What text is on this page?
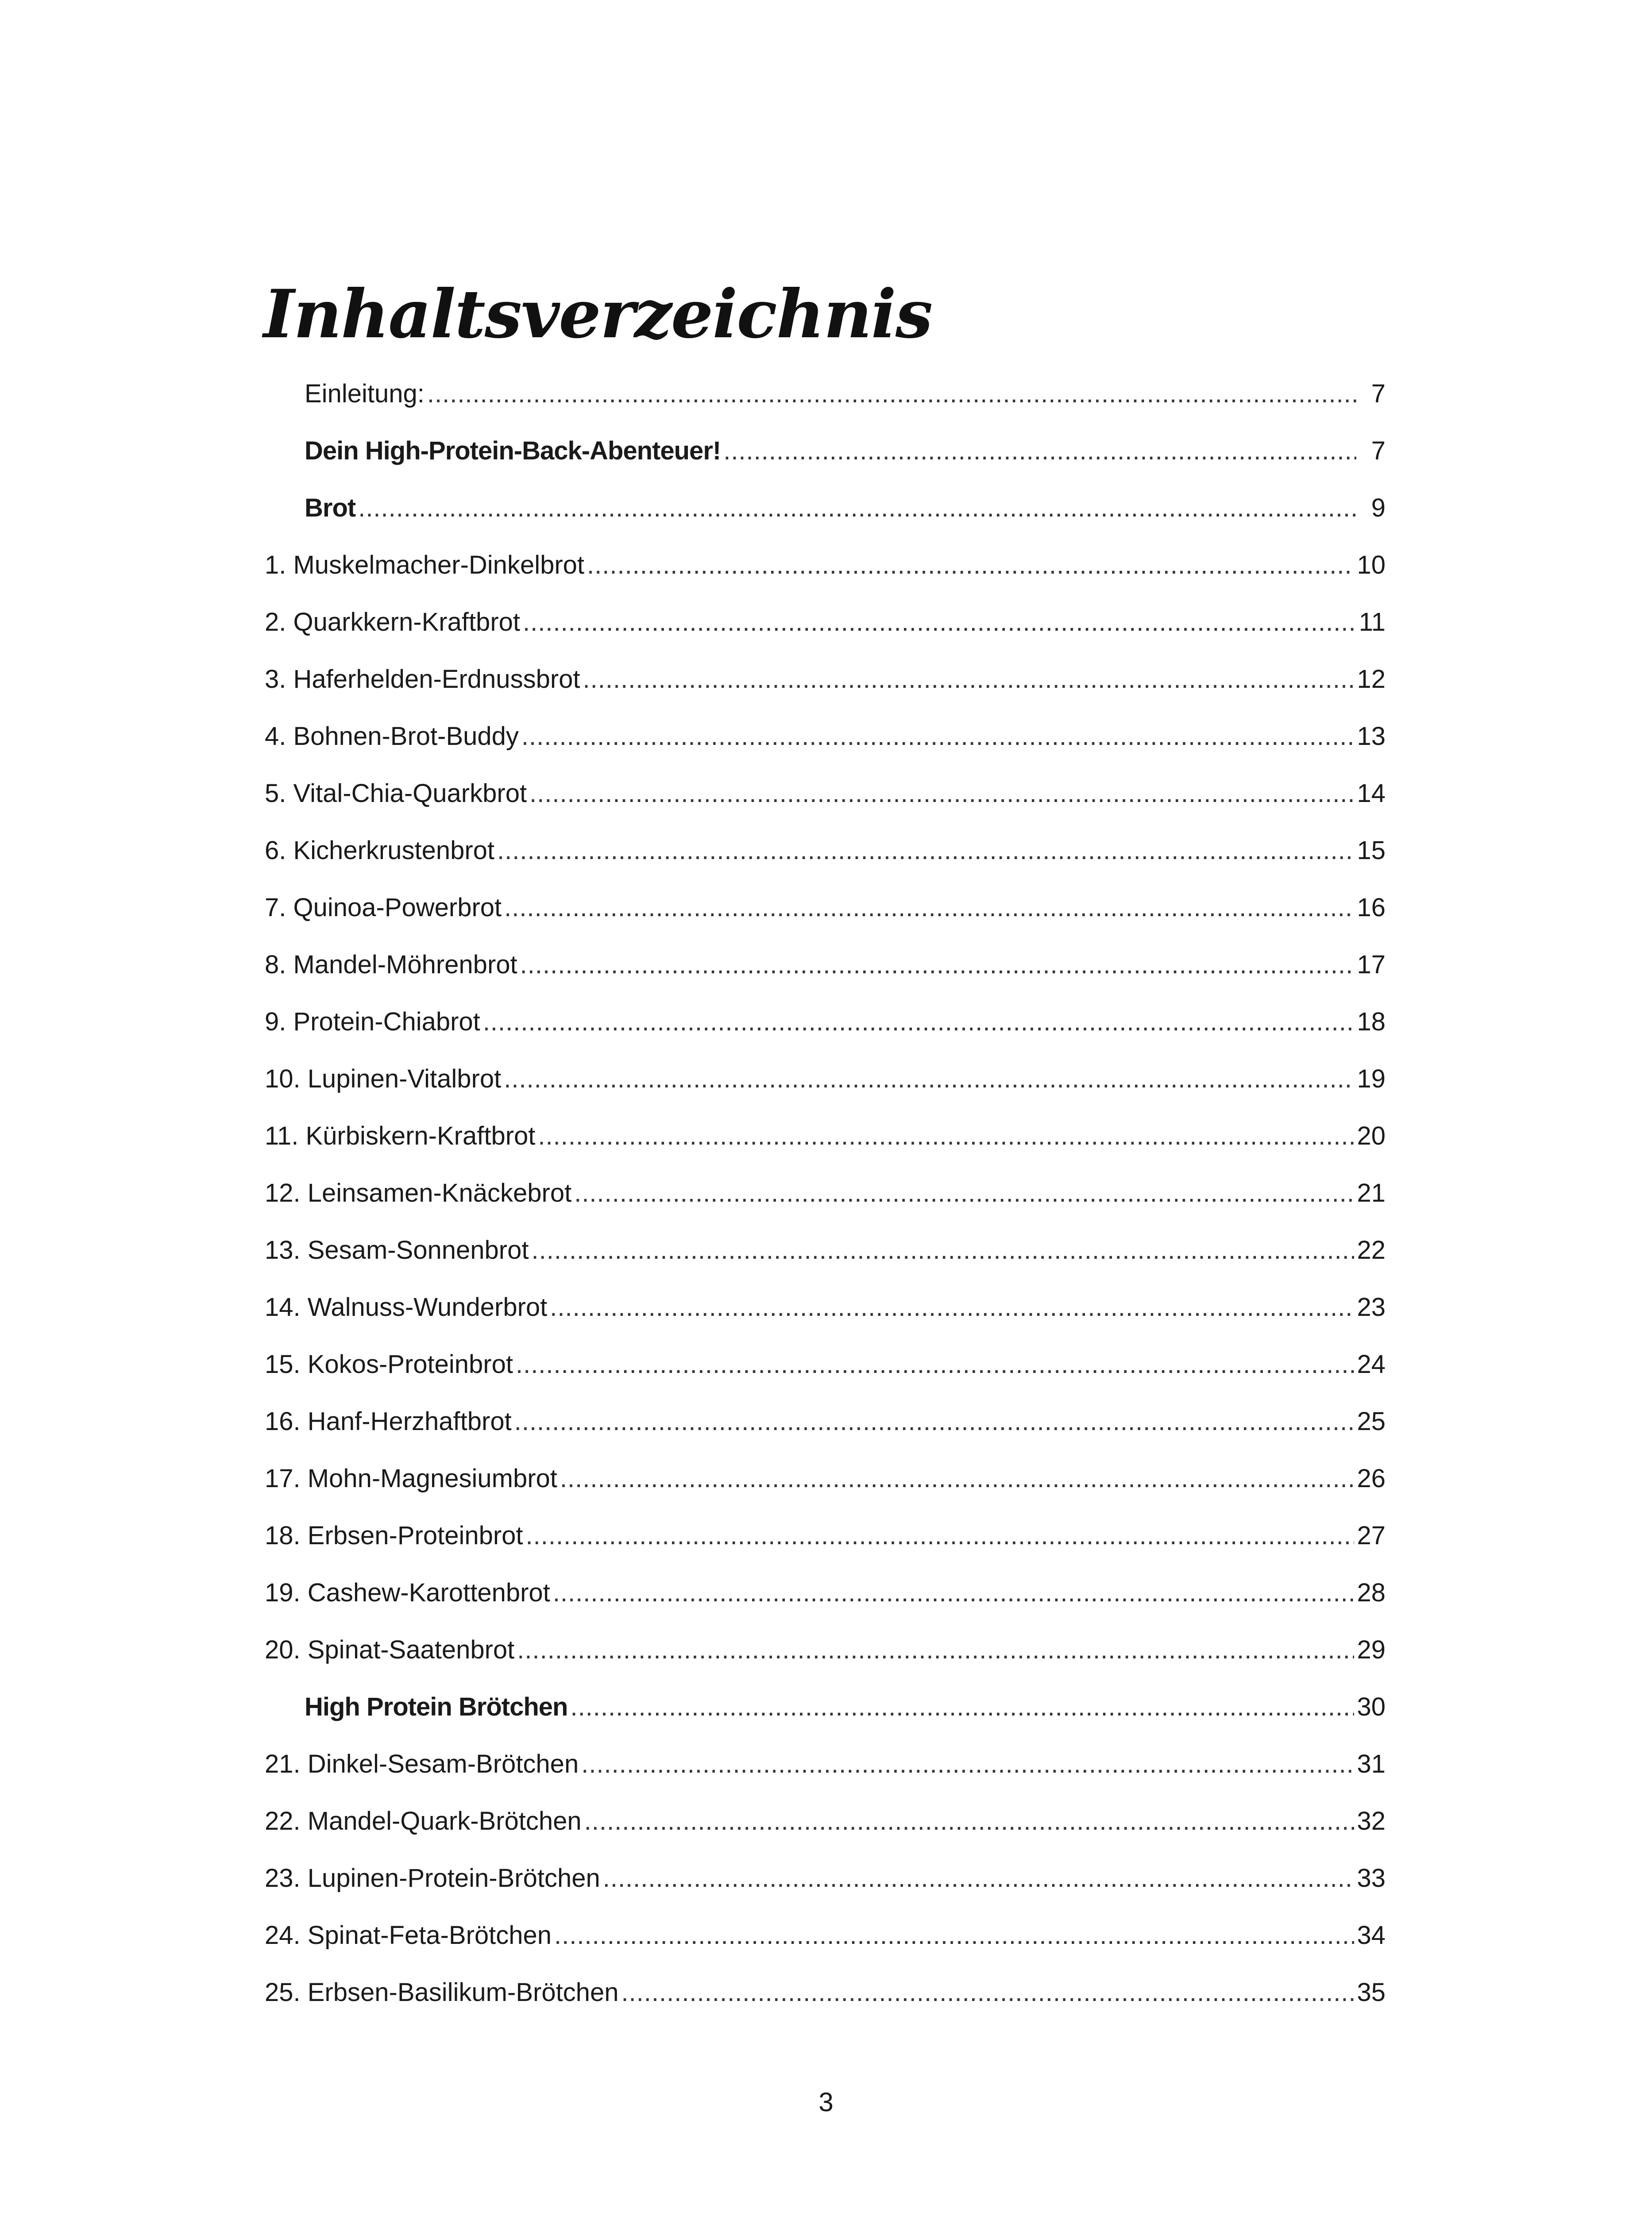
Inhaltsverzeichnis
Einleitung: .....	7
Dein High-Protein-Back-Abenteuer! .....	7
Brot .....	9
1. Muskelmacher-Dinkelbrot .....	10
2. Quarkkern-Kraftbrot .....	11
3. Haferhelden-Erdnussbrot .....	12
4. Bohnen-Brot-Buddy .....	13
5. Vital-Chia-Quarkbrot .....	14
6. Kicherkrustenbrot .....	15
7. Quinoa-Powerbrot .....	16
8. Mandel-Möhrenbrot .....	17
9. Protein-Chiabrot .....	18
10. Lupinen-Vitalbrot .....	19
11. Kürbiskern-Kraftbrot .....	20
12. Leinsamen-Knäckebrot .....	21
13. Sesam-Sonnenbrot .....	22
14. Walnuss-Wunderbrot .....	23
15. Kokos-Proteinbrot .....	24
16. Hanf-Herzhaftbrot .....	25
17. Mohn-Magnesiumbrot .....	26
18. Erbsen-Proteinbrot .....	27
19. Cashew-Karottenbrot .....	28
20. Spinat-Saatenbrot .....	29
High Protein Brötchen .....	30
21. Dinkel-Sesam-Brötchen .....	31
22. Mandel-Quark-Brötchen .....	32
23. Lupinen-Protein-Brötchen .....	33
24. Spinat-Feta-Brötchen .....	34
25. Erbsen-Basilikum-Brötchen .....	35
3
